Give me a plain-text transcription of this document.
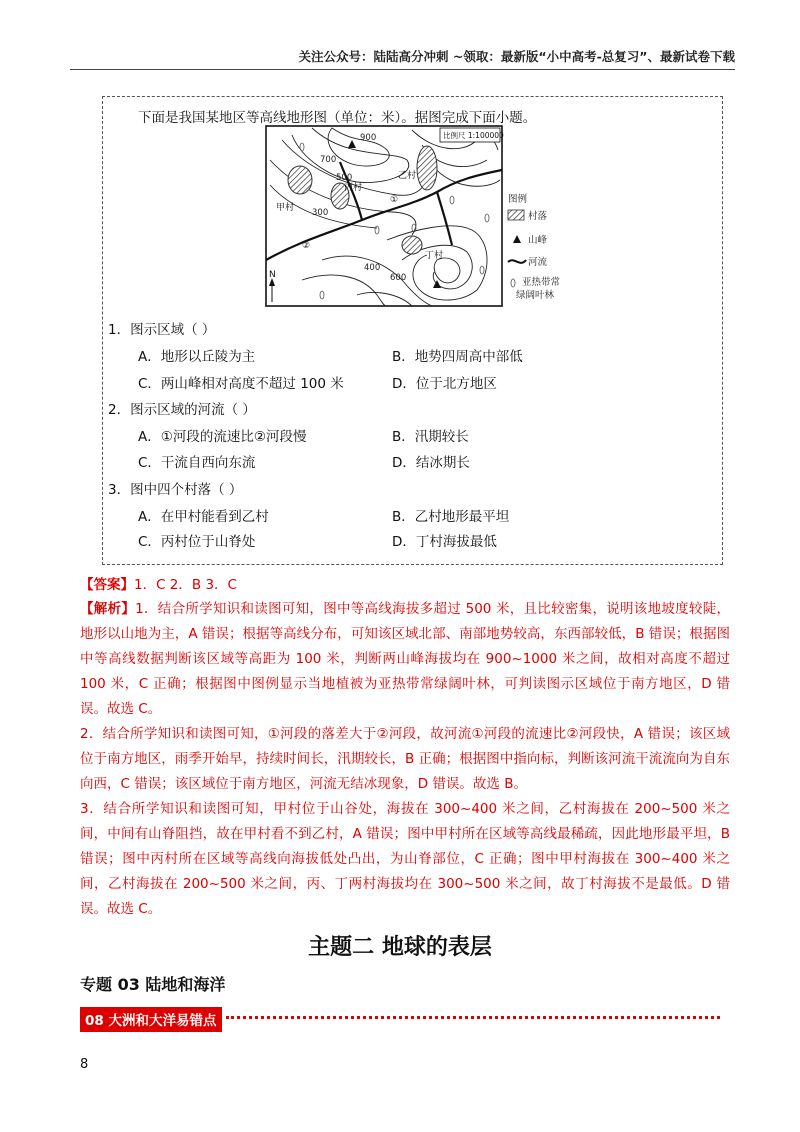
关注公众号：陆陆高分冲刺 ~领取：最新版“小中高考-总复习”、最新试卷下载
下面是我国某地区等高线地形图（单位：米）。据图完成下面小题。
900
700
500
300
400
600
甲村
乙村
丙村
丁村
①
②
比例尺 1:100000
N
图例
村落
山峰
河流
亚热带常
绿阔叶林
1．图示区域（ ）
A．地形以丘陵为主	B．地势四周高中部低
C．两山峰相对高度不超过 100 米	D．位于北方地区
2．图示区域的河流（ ）
A．①河段的流速比②河段慢	B．汛期较长
C．干流自西向东流	D．结冰期长
3．图中四个村落（ ）
A．在甲村能看到乙村	B．乙村地形最平坦
C．丙村位于山脊处	D．丁村海拔最低
【答案】1．C 2．B 3．C
【解析】1．结合所学知识和读图可知，图中等高线海拔多超过 500 米，且比较密集，说明该地坡度较陡，地形以山地为主，A 错误；根据等高线分布，可知该区域北部、南部地势较高，东西部较低，B 错误；根据图中等高线数据判断该区域等高距为 100 米，判断两山峰海拔均在 900~1000 米之间，故相对高度不超过 100 米，C 正确；根据图中图例显示当地植被为亚热带常绿阔叶林，可判读图示区域位于南方地区，D 错误。故选 C。
2．结合所学知识和读图可知，①河段的落差大于②河段，故河流①河段的流速比②河段快，A 错误；该区域位于南方地区，雨季开始早，持续时间长，汛期较长，B 正确；根据图中指向标，判断该河流干流流向为自东向西，C 错误；该区域位于南方地区，河流无结冰现象，D 错误。故选 B。
3．结合所学知识和读图可知，甲村位于山谷处，海拔在 300~400 米之间，乙村海拔在 200~500 米之间，中间有山脊阻挡，故在甲村看不到乙村，A 错误；图中甲村所在区域等高线最稀疏，因此地形最平坦，B 错误；图中丙村所在区域等高线向海拔低处凸出，为山脊部位，C 正确；图中甲村海拔在 300~400 米之间，乙村海拔在 200~500 米之间，丙、丁两村海拔均在 300~500 米之间，故丁村海拔不是最低。D 错误。故选 C。
主题二 地球的表层
专题 03 陆地和海洋
08 大洲和大洋易错点
8
